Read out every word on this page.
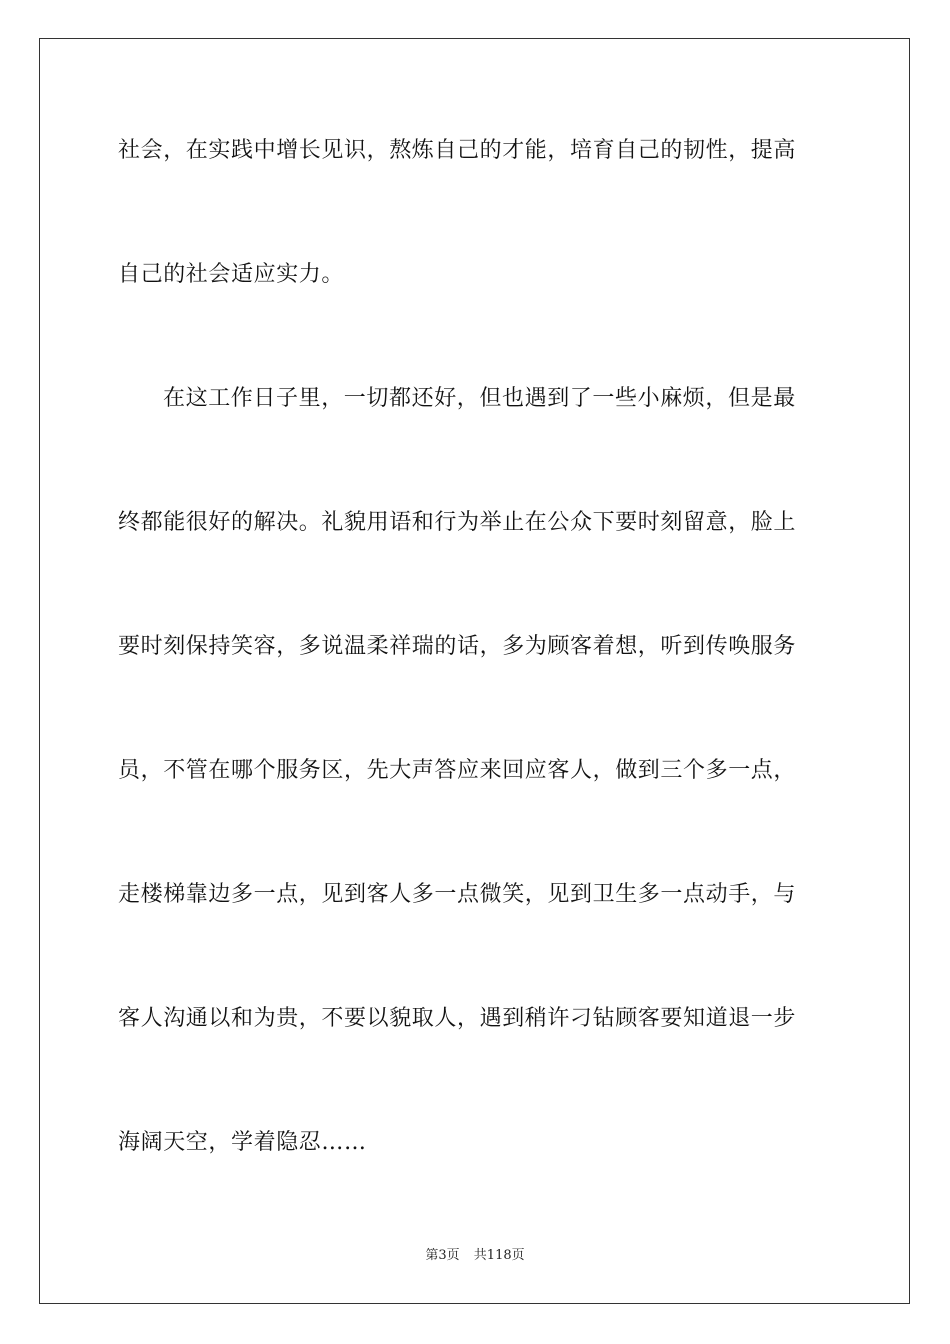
社会，在实践中增长见识，熬炼自己的才能，培育自己的韧性，提高
自己的社会适应实力。
在这工作日子里，一切都还好，但也遇到了一些小麻烦，但是最
终都能很好的解决。礼貌用语和行为举止在公众下要时刻留意，脸上
要时刻保持笑容，多说温柔祥瑞的话，多为顾客着想，听到传唤服务
员，不管在哪个服务区，先大声答应来回应客人，做到三个多一点，
走楼梯靠边多一点，见到客人多一点微笑，见到卫生多一点动手，与
客人沟通以和为贵，不要以貌取人，遇到稍许刁钻顾客要知道退一步
海阔天空，学着隐忍……
第3页 共118页
